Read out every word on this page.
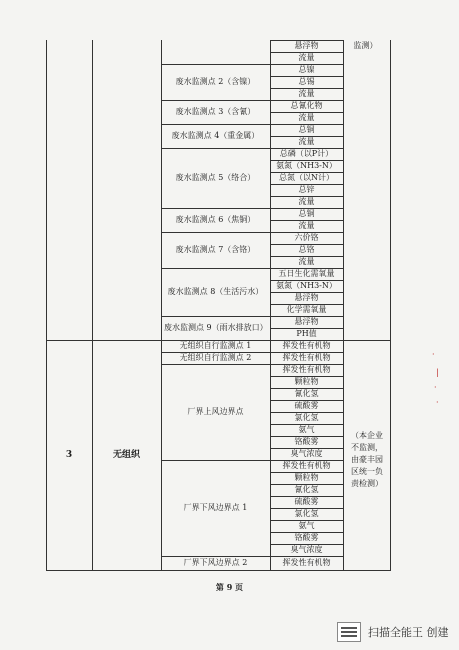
废水监测点 2（含镍）
废水监测点 3（含氰）
废水监测点 4（重金属）
废水监测点 5（络合）
废水监测点 6（焦铜）
废水监测点 7（含铬）
废水监测点 8（生活污水）
废水监测点 9（雨水排放口）
悬浮物
流量
总镍
总锡
流量
总氰化物
流量
总铜
流量
总磷（以P计）
氨氮（NH3-N）
总氮（以N计）
总锌
流量
总铜
流量
六价铬
总铬
流量
五日生化需氧量
氨氮（NH3-N）
悬浮物
化学需氧量
悬浮物
PH值
监测）
3	无组织
无组织自行监测点 1
无组织自行监测点 2
厂界上风边界点
厂界下风边界点 1
厂界下风边界点 2
挥发性有机物
挥发性有机物
挥发性有机物
颗粒物
氰化氢
硫酸雾
氯化氢
氨气
铬酸雾
臭气浓度
挥发性有机物
颗粒物
氰化氢
硫酸雾
氯化氢
氨气
铬酸雾
臭气浓度
挥发性有机物
（本企业不监测，由豪丰园区统一负责检测）
第 9 页
·
|
·
·
扫描全能王 创建
